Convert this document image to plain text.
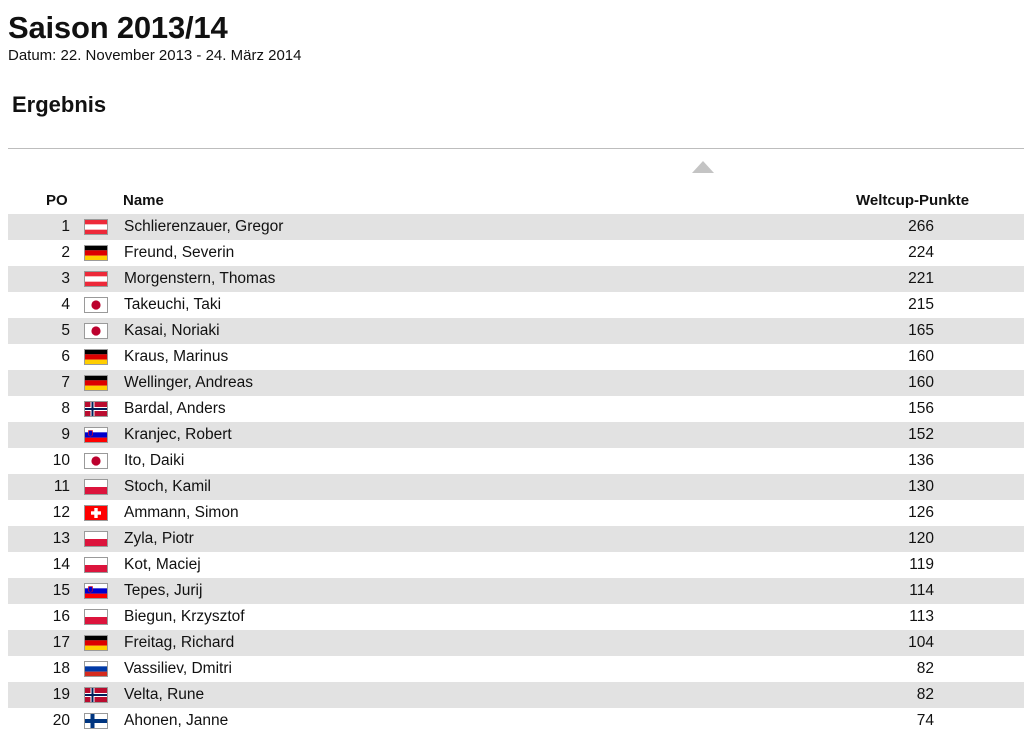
Saison 2013/14
Datum: 22. November 2013 - 24. März 2014
Ergebnis
PO	Name	Weltcup-Punkte
1	Schlierenzauer, Gregor	266
2	Freund, Severin	224
3	Morgenstern, Thomas	221
4	Takeuchi, Taki	215
5	Kasai, Noriaki	165
6	Kraus, Marinus	160
7	Wellinger, Andreas	160
8	Bardal, Anders	156
9	Kranjec, Robert	152
10	Ito, Daiki	136
11	Stoch, Kamil	130
12	Ammann, Simon	126
13	Zyla, Piotr	120
14	Kot, Maciej	119
15	Tepes, Jurij	114
16	Biegun, Krzysztof	113
17	Freitag, Richard	104
18	Vassiliev, Dmitri	82
19	Velta, Rune	82
20	Ahonen, Janne	74
